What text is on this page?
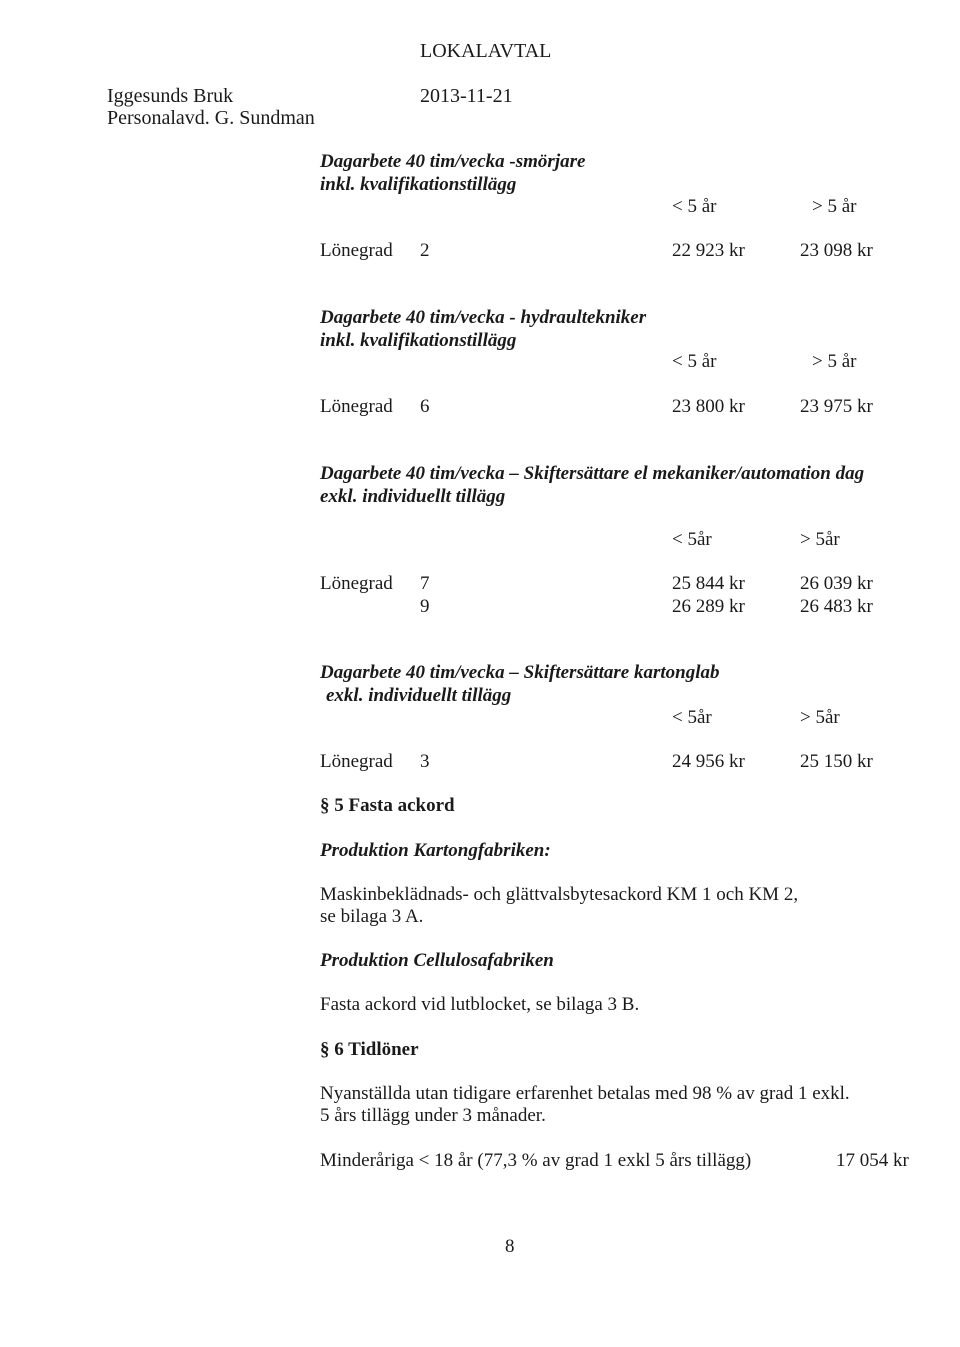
LOKALAVTAL
Iggesunds Bruk	2013-11-21
Personalavd. G. Sundman
Dagarbete 40 tim/vecka -smörjare
inkl. kvalifikationstillägg
< 5 år	> 5 år
Lönegrad 2	22 923 kr	23 098 kr
Dagarbete 40 tim/vecka - hydraultekniker
inkl. kvalifikationstillägg
< 5 år	> 5 år
Lönegrad 6	23 800 kr	23 975 kr
Dagarbete 40 tim/vecka – Skiftersättare el mekaniker/automation dag
exkl. individuellt tillägg
< 5år	> 5år
Lönegrad 7	25 844 kr	26 039 kr
9	26 289 kr	26 483 kr
Dagarbete 40 tim/vecka – Skiftersättare kartonglab
exkl. individuellt tillägg
< 5år	> 5år
Lönegrad 3	24 956 kr	25 150 kr
§ 5 Fasta ackord
Produktion Kartongfabriken:
Maskinbeklädnads- och glättvalsbytesackord KM 1 och KM 2,
se bilaga 3 A.
Produktion Cellulosafabriken
Fasta ackord vid lutblocket, se bilaga 3 B.
§ 6 Tidlöner
Nyanställda utan tidigare erfarenhet betalas med 98 % av grad 1 exkl.
5 års tillägg under 3 månader.
Minderåriga < 18 år (77,3 % av grad 1 exkl 5 års tillägg)	17 054 kr
8
